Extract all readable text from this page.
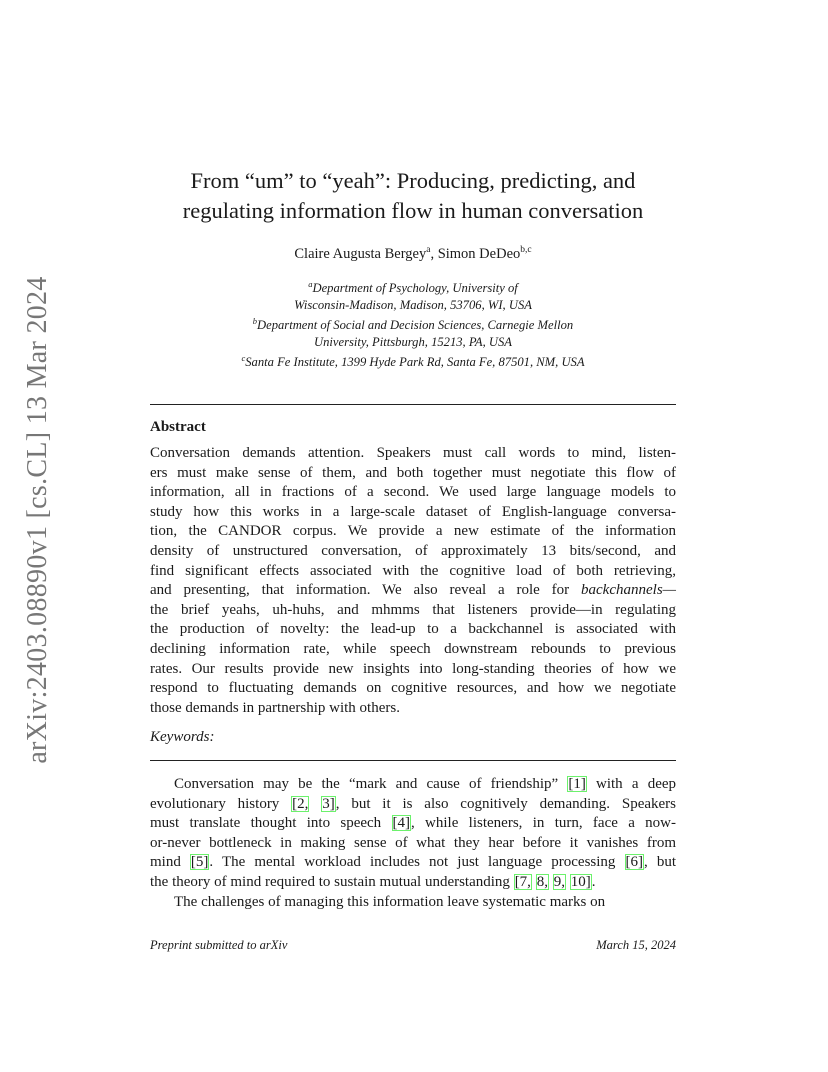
arXiv:2403.08890v1 [cs.CL] 13 Mar 2024
From “um” to “yeah”: Producing, predicting, and
regulating information flow in human conversation
Claire Augusta Bergey$^a$, Simon DeDeo$^{b,c}$
$^a$Department of Psychology, University of
Wisconsin-Madison, Madison, 53706, WI, USA
$^b$Department of Social and Decision Sciences, Carnegie Mellon
University, Pittsburgh, 15213, PA, USA
$^c$Santa Fe Institute, 1399 Hyde Park Rd, Santa Fe, 87501, NM, USA
Abstract
Conversation demands attention. Speakers must call words to mind, listen-
ers must make sense of them, and both together must negotiate this flow of
information, all in fractions of a second. We used large language models to
study how this works in a large-scale dataset of English-language conversa-
tion, the CANDOR corpus. We provide a new estimate of the information
density of unstructured conversation, of approximately 13 bits/second, and
find significant effects associated with the cognitive load of both retrieving,
and presenting, that information. We also reveal a role for backchannels—
the brief yeahs, uh-huhs, and mhmms that listeners provide—in regulating
the production of novelty: the lead-up to a backchannel is associated with
declining information rate, while speech downstream rebounds to previous
rates. Our results provide new insights into long-standing theories of how we
respond to fluctuating demands on cognitive resources, and how we negotiate
those demands in partnership with others.
Keywords:
Conversation may be the “mark and cause of friendship” [1] with a deep
evolutionary history [2, 3], but it is also cognitively demanding. Speakers
must translate thought into speech [4], while listeners, in turn, face a now-
or-never bottleneck in making sense of what they hear before it vanishes from
mind [5]. The mental workload includes not just language processing [6], but
the theory of mind required to sustain mutual understanding [7, 8, 9, 10].
The challenges of managing this information leave systematic marks on
Preprint submitted to arXiv	March 15, 2024
